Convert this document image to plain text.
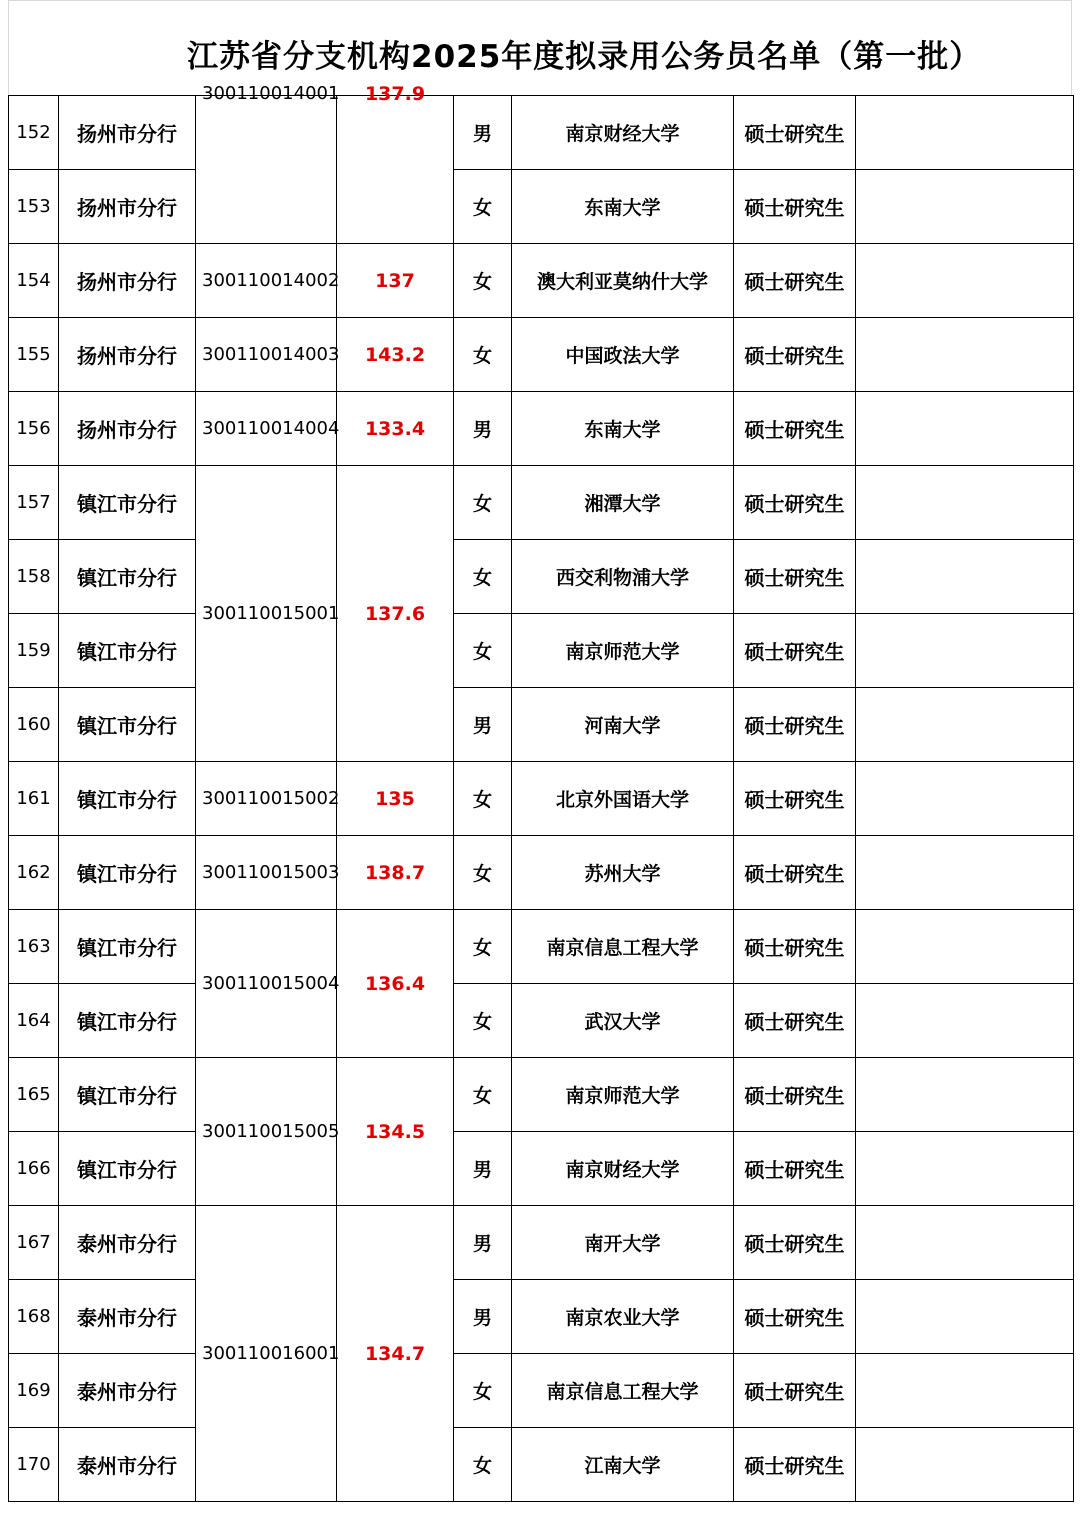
江苏省分支机构2025年度拟录用公务员名单（第一批）
152	扬州市分行	300110014001	137.9	男	南京财经大学	硕士研究生	
153	扬州市分行			女	东南大学	硕士研究生	
154	扬州市分行	300110014002	137	女	澳大利亚莫纳什大学	硕士研究生	
155	扬州市分行	300110014003	143.2	女	中国政法大学	硕士研究生	
156	扬州市分行	300110014004	133.4	男	东南大学	硕士研究生	
157	镇江市分行	300110015001	137.6	女	湘潭大学	硕士研究生	
158	镇江市分行			女	西交利物浦大学	硕士研究生	
159	镇江市分行			女	南京师范大学	硕士研究生	
160	镇江市分行			男	河南大学	硕士研究生	
161	镇江市分行	300110015002	135	女	北京外国语大学	硕士研究生	
162	镇江市分行	300110015003	138.7	女	苏州大学	硕士研究生	
163	镇江市分行	300110015004	136.4	女	南京信息工程大学	硕士研究生	
164	镇江市分行			女	武汉大学	硕士研究生	
165	镇江市分行	300110015005	134.5	女	南京师范大学	硕士研究生	
166	镇江市分行			男	南京财经大学	硕士研究生	
167	泰州市分行	300110016001	134.7	男	南开大学	硕士研究生	
168	泰州市分行			男	南京农业大学	硕士研究生	
169	泰州市分行			女	南京信息工程大学	硕士研究生	
170	泰州市分行			女	江南大学	硕士研究生	
